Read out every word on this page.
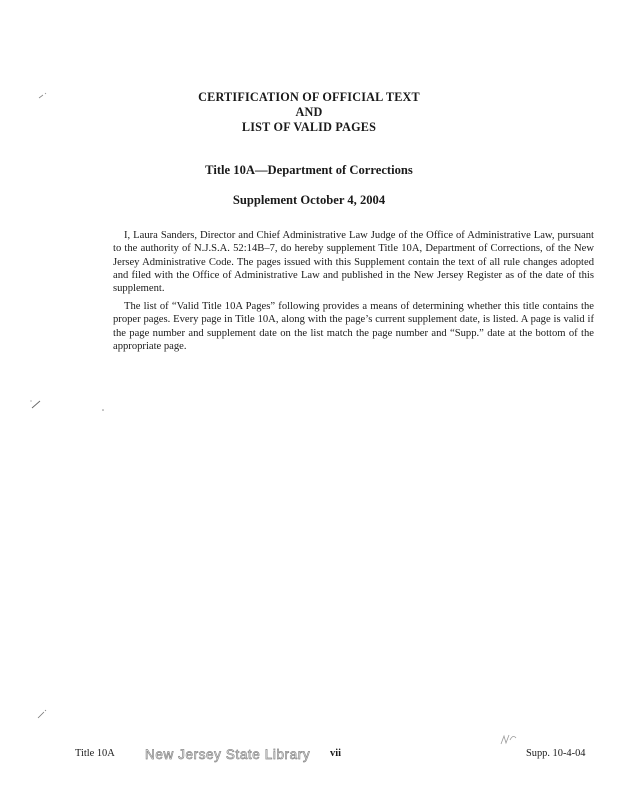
CERTIFICATION OF OFFICIAL TEXT
AND
LIST OF VALID PAGES
Title 10A—Department of Corrections
Supplement October 4, 2004

I, Laura Sanders, Director and Chief Administrative Law Judge of the Office of Administrative Law, pursuant to the authority of N.J.S.A. 52:14B–7, do hereby supplement Title 10A, Department of Corrections, of the New Jersey Administrative Code. The pages issued with this Supplement contain the text of all rule changes adopted and filed with the Office of Administrative Law and published in the New Jersey Register as of the date of this supplement.

The list of “Valid Title 10A Pages” following provides a means of determining whether this title contains the proper pages. Every page in Title 10A, along with the page’s current supplement date, is listed. A page is valid if the page number and supplement date on the list match the page number and “Supp.” date at the bottom of the appropriate page.

Title 10A New Jersey State Library vii	Supp. 10-4-04
